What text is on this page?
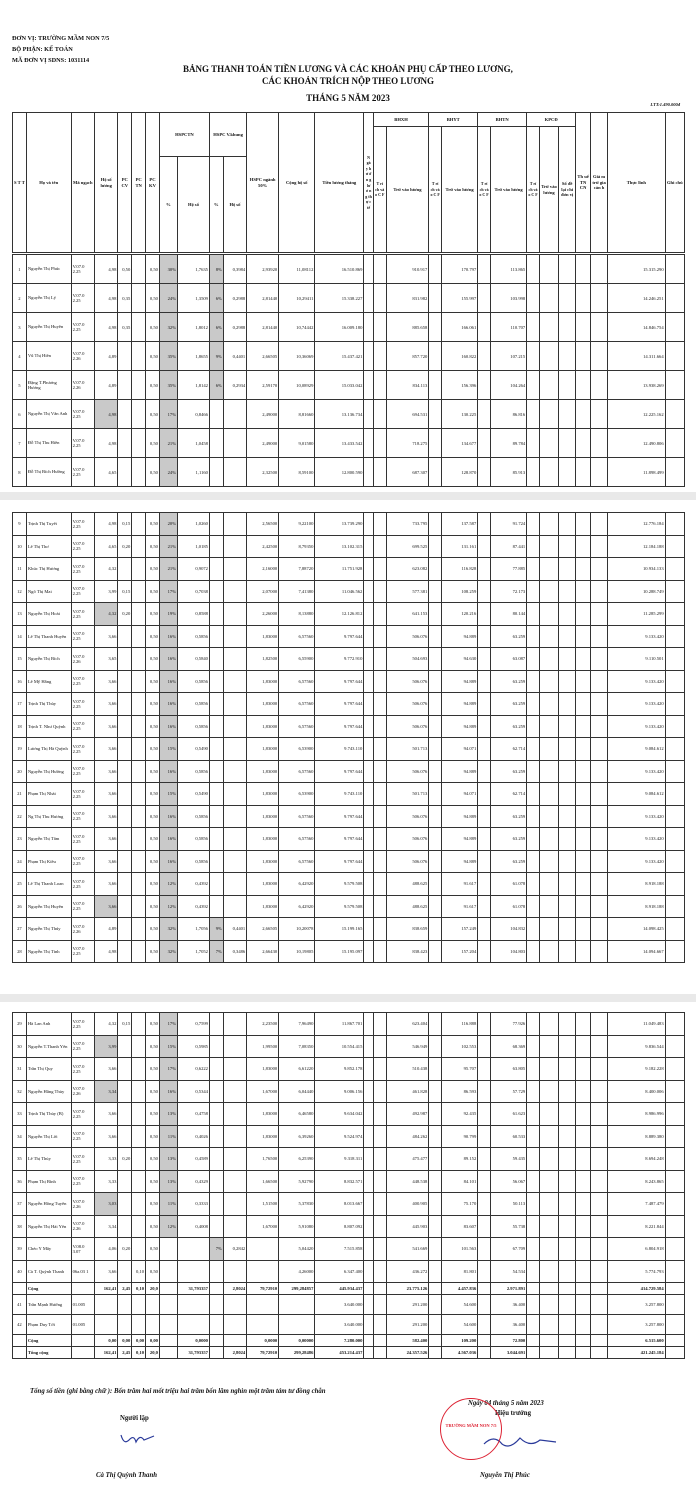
ĐƠN VỊ: TRƯỜNG MẦM NON 7/5
BỘ PHẬN: KẾ TOÁN
MÃ ĐƠN VỊ SDNS: 1031114
BẢNG THANH TOÁN TIỀN LƯƠNG VÀ CÁC KHOẢN PHỤ CẤP THEO LƯƠNG,
CÁC KHOẢN TRÍCH NỘP THEO LƯƠNG
THÁNG 5 NĂM 2023
LTT:1.490.000đ
Tổng số tiền (ghi bằng chữ ): Bốn trăm hai mốt triệu hai trăm bốn lăm nghìn một trăm tám tư đồng chẵn
Ngày 04 tháng 5 năm 2023
Người lập
Hiệu trưởng
TRƯỜNG MẦM NON 7/5
Cà Thị Quỳnh Thanh	Nguyễn Thị Phúc
S T T	Họ và tên	Mã ngạch	Hệ số lương	PC CV	PC TN	PC KV	HSPCTN		HSPC V.khung		HSPC ngành 50%	Cộng hệ số	Tiền lương tháng	N gà y h ư ở n g lư ơ n g th ự c tế	BHXH		BHYT		BHTN		KPCĐ			Th uế TN CN	Giả m trừ gia cản h	Thực lĩnh	Ghi chú
															T rí ch và o C F	Trừ vào lương	T rí ch và o C F	Trừ vào lương	T rí ch và o C F	Trừ vào lương	T rí ch và o C F	Trừ vào lương	Số đề lại chi đơn vị				
							%	Hệ số	%	Hệ số																	
1	Nguyễn Thị Phúc	V.07.0 2.25	4,98	0,50		0,50	30%	1,7635	8%	0,3984	2,93920	11,08112	16.510.869			910.917		170.797		113.865						15.315.290	
2	Nguyễn Thị Lý	V.07.0 2.25	4,98	0,35		0,50	24%	1,3509	6%	0,2988	2,81440	10,29411	15.338.227			831.982		155.997		103.998						14.246.251	
3	Nguyễn Thị Huyền	V.07.0 2.25	4,98	0,35		0,50	32%	1,8012	6%	0,2988	2,81440	10,74442	16.009.180			885.658		166.061		110.707						14.846.754	
4	Vũ Thị Hiền	V.07.0 2.26	4,89			0,50	35%	1,8655	9%	0,4401	2,66505	10,36069	15.437.421			857.720		160.822		107.215						14.311.664	
5	Đặng T.Phương Hương	V.07.0 2.26	4,89			0,50	35%	1,8142	6%	0,2934	2,59170	10,08929	15.033.042			834.113		156.396		104.264						13.938.269	
6	Nguyễn Thị Vân Anh	V.07.0 2.25	4,98			0,50	17%	0,8466			2,49000	8,81660	13.136.734			694.531		130.225		86.816						12.225.162	
7	Đỗ Thị Thu Hiền	V.07.0 2.25	4,98			0,50	21%	1,0458			2,49000	9,01580	13.433.542			718.275		134.677		89.784						12.490.806	
8	Đỗ Thị Bích Hường	V.07.0 2.25	4,65			0,50	24%	1,1160			2,32500	8,59100	12.800.590			687.307		128.870		85.913						11.898.499	
9	Trịnh Thị Tuyết	V.07.0 2.25	4,98	0,15		0,50	20%	1,0260			2,56500	9,22100	13.739.290			733.795		137.587		91.724						12.776.184	
10	Lê Thị Thơ	V.07.0 2.25	4,65	0,20		0,50	21%	1,0185			2,42500	8,79350	13.102.315			699.525		131.161		87.441						12.184.188	
11	Khúc Thị Hương	V.07.0 2.25	4,32			0,50	21%	0,9072			2,16000	7,88720	11.751.928			623.082		116.828		77.885						10.934.133	
12	Ngô Thị Mai	V.07.0 2.25	3,99	0,15		0,50	17%	0,7038			2,07000	7,41380	11.046.562			577.381		108.259		72.173						10.288.749	
13	Nguyễn Thị Hoài	V.07.0 2.25	4,32	0,20		0,50	19%	0,8588			2,26000	8,13880	12.126.812			641.153		120.216		80.144						11.285.299	
14	Lê Thị Thanh Huyền	V.07.0 2.25	3,66			0,50	16%	0,5856			1,83000	6,57560	9.797.644			506.076		94.889		63.259						9.133.420	
15	Nguyễn Thị Bích	V.07.0 2.26	3,65			0,50	16%	0,5840			1,82500	6,55900	9.772.910			504.693		94.630		63.087						9.110.501	
16	Lê Mỹ Hằng	V.07.0 2.25	3,66			0,50	16%	0,5856			1,83000	6,57560	9.797.644			506.076		94.889		63.259						9.133.420	
17	Trịnh Thị Thùy	V.07.0 2.25	3,66			0,50	16%	0,5856			1,83000	6,57560	9.797.644			506.076		94.889		63.259						9.133.420	
18	Trịnh T. Như Quỳnh	V.07.0 2.25	3,66			0,50	16%	0,5856			1,83000	6,57560	9.797.644			506.076		94.889		63.259						9.133.420	
19	Lương Thị Hà Quỳnh	V.07.0 2.25	3,66			0,50	15%	0,5490			1,83000	6,53900	9.743.110			501.713		94.071		62.714						9.084.612	
20	Nguyễn Thị Hường	V.07.0 2.25	3,66			0,50	16%	0,5856			1,83000	6,57560	9.797.644			506.076		94.889		63.259						9.133.420	
21	Phạm Thị Nhài	V.07.0 2.25	3,66			0,50	15%	0,5490			1,83000	6,53900	9.743.110			501.713		94.071		62.714						9.084.612	
22	Ng Thị Thu Hương	V.07.0 2.25	3,66			0,50	16%	0,5856			1,83000	6,57560	9.797.644			506.076		94.889		63.259						9.133.420	
23	Nguyễn Thị Tâm	V.07.0 2.25	3,66			0,50	16%	0,5856			1,83000	6,57560	9.797.644			506.076		94.889		63.259						9.133.420	
24	Phạm Thị Kiều	V.07.0 2.25	3,66			0,50	16%	0,5856			1,83000	6,57560	9.797.644			506.076		94.889		63.259						9.133.420	
25	Lê Thị Thanh Loan	V.07.0 2.25	3,66			0,50	12%	0,4392			1,83000	6,42920	9.579.508			488.625		91.617		61.078						8.918.188	
26	Nguyễn Thị Huyền	V.07.0 2.25	3,66			0,50	12%	0,4392			1,83000	6,42920	9.579.508			488.625		91.617		61.078						8.918.188	
27	Nguyễn Thị Thúy	V.07.0 2.26	4,89			0,50	32%	1,7056	9%	0,4401	2,66505	10,20078	15.199.165			838.659		157.249		104.832						14.098.425	
28	Nguyễn Thị Tình	V.07.0 2.25	4,98			0,50	32%	1,7052	7%	0,3486	2,66430	10,19805	15.195.097			838.423		157.204		104.803						14.094.667	
29	Hà Lan Anh	V.07.0 2.25	4,32	0,15		0,50	17%	0,7599			2,23500	7,96490	11.867.701			623.404		116.888		77.926						11.049.483	
30	Nguyễn T.Thanh Yến	V.07.0 2.25	3,99			0,50	15%	0,5985			1,99500	7,08350	10.554.415			546.949		102.553		68.369						9.836.544	
31	Trần Thị Quy	V.07.0 2.25	3,66			0,50	17%	0,6222			1,83000	6,61220	9.852.178			510.438		95.707		63.805						9.182.228	
32	Nguyễn Hằng Thủy	V.07.0 2.26	3,34			0,50	16%	0,5344			1,67000	6,04440	9.006.156			461.828		86.593		57.729						8.400.006	
33	Trịnh Thị Thủy (B)	V.07.0 2.25	3,66			0,50	13%	0,4758			1,83000	6,46580	9.634.042			492.987		92.435		61.623						8.986.996	
34	Nguyễn Thị Lời	V.07.0 2.25	3,66			0,50	11%	0,4026			1,83000	6,39260	9.524.974			484.262		90.799		60.533						8.889.380	
35	Lê Thị Thủy	V.07.0 2.25	3,33	0,20		0,50	13%	0,4589			1,76500	6,25390	9.318.311			475.477		89.152		59.435						8.694.248	
36	Phạm Thị Bình	V.07.0 2.25	3,33			0,50	13%	0,4329			1,66500	5,92790	8.832.571			448.538		84.101		56.067						8.243.865	
37	Nguyễn Hồng Tuyến	V.07.0 2.26	3,03			0,50	11%	0,3333			1,51500	5,37830	8.013.667			400.905		75.170		50.113						7.487.479	
38	Nguyễn Thị Hải Yến	V.07.0 2.26	3,34			0,50	12%	0,4008			1,67000	5,91080	8.807.092			445.903		83.607		55.738						8.221.844	
39	Chéo Y Mây	V.08.0 3.07	4,06	0,20		0,50			7%	0,2842		5,04420	7.515.858			541.669		101.563		67.709						6.804.918	
40	Cà T. Quỳnh Thanh	06a.03 1	3,66		0,10	0,50						4,26000	6.347.400			436.272		81.801		54.534						5.774.793	
	Cộng		162,41	2,45	0,10	20,0		31,793357		2,8024	79,72910	299,284857	445.934.437			23.775.126		4.457.836		2.971.891						414.729.584	
41	Trần Mạnh Hướng	01.005											3.640.000			291.200		54.600		36.400						3.257.800	
42	Phạm Duy Tới	01.005											3.640.000			291.200		54.600		36.400						3.257.800	
	Cộng		0,00	0,00	0,00	0,00		0,0000			0,0000	0,00000	7.280.000			582.400		109.200		72.800						6.515.600	
	Tổng cộng		162,41	2,45	0,10	20,0		31,793357		2,8024	79,72910	299,28486	453.214.437			24.357.526		4.567.036		3.044.691						421.245.184	
